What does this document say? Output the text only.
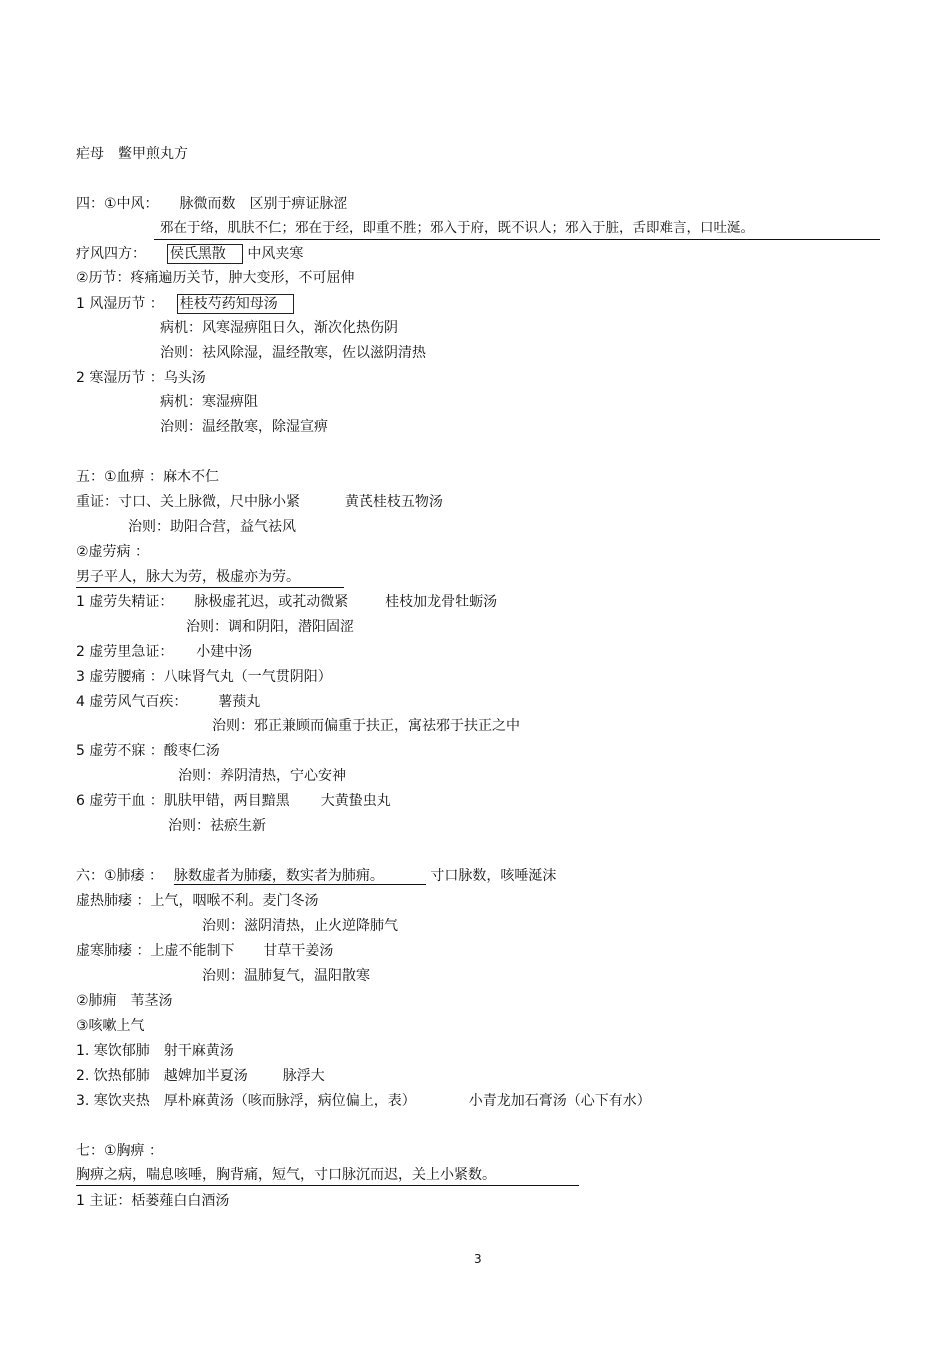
疟母　鳖甲煎丸方
四：①中风： 脉微而数　区别于痹证脉涩
邪在于络，肌肤不仁；邪在于经，即重不胜；邪入于府，既不识人；邪入于脏，舌即难言，口吐涎。
疗风四方： 侯氏黑散 中风夹寒
②历节：疼痛遍历关节，肿大变形，不可屈伸
1 风湿历节 ： 桂枝芍药知母汤
病机：风寒湿痹阻日久，渐次化热伤阴
治则：祛风除湿，温经散寒，佐以滋阴清热
2 寒湿历节 ：乌头汤
病机：寒湿痹阻
治则：温经散寒，除湿宣痹
五：①血痹 ：麻木不仁
重证：寸口、关上脉微，尺中脉小紧	黄芪桂枝五物汤
治则：助阳合营，益气祛风
②虚劳病 ：
男子平人，脉大为劳，极虚亦为劳。
1 虚劳失精证： 脉极虚芤迟，或芤动微紧	桂枝加龙骨牡蛎汤
治则：调和阴阳，潜阳固涩
2 虚劳里急证： 小建中汤
3 虚劳腰痛 ：八味肾气丸（一气贯阴阳）
4 虚劳风气百疾： 薯蓣丸
治则：邪正兼顾而偏重于扶正，寓祛邪于扶正之中
5 虚劳不寐 ：酸枣仁汤
治则：养阴清热，宁心安神
6 虚劳干血 ：肌肤甲错，两目黯黑 大黄蛰虫丸
治则：祛瘀生新
六：①肺痿 ： 脉数虚者为肺痿，数实者为肺痈。	寸口脉数，咳唾涎沫
虚热肺痿 ：上气，咽喉不利。麦门冬汤
治则：滋阴清热，止火逆降肺气
虚寒肺痿 ：上虚不能制下 甘草干姜汤
治则：温肺复气，温阳散寒
②肺痈　苇茎汤
③咳嗽上气
1. 寒饮郁肺　射干麻黄汤
2. 饮热郁肺　越婢加半夏汤 脉浮大
3. 寒饮夹热　厚朴麻黄汤（咳而脉浮，病位偏上，表）	小青龙加石膏汤（心下有水）
七：①胸痹 ：
胸痹之病，喘息咳唾，胸背痛，短气，寸口脉沉而迟，关上小紧数。
1 主证：栝蒌薤白白酒汤
3
